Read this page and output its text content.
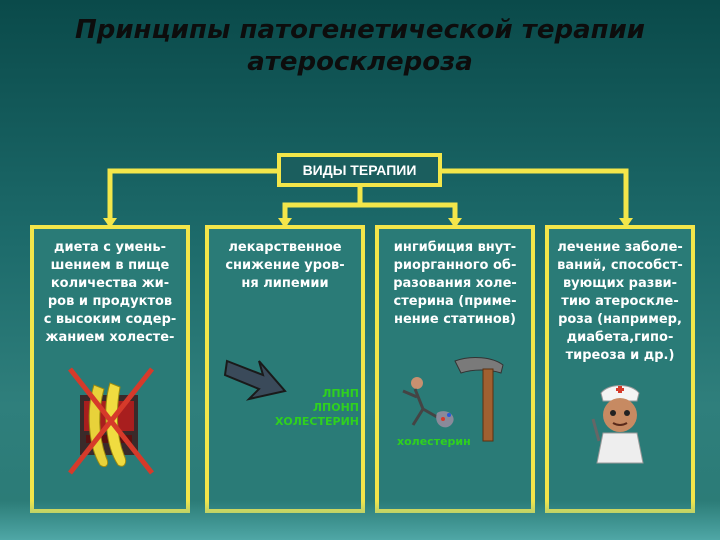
Принципы патогенетической терапии
атеросклероза
ВИДЫ ТЕРАПИИ
диета с умень-
шением в пище
количества жи-
ров и продуктов
с высоким содер-
жанием холесте-
лекарственное
снижение уров-
ня липемии
ЛПНП
ЛПОНП
ХОЛЕСТЕРИН
ингибиция внут-
риорганного об-
разования холе-
стерина (приме-
нение статинов)
холестерин
лечение заболе-
ваний, способст-
вующих разви-
тию атероскле-
роза (например,
диабета,гипо-
тиреоза и др.)
